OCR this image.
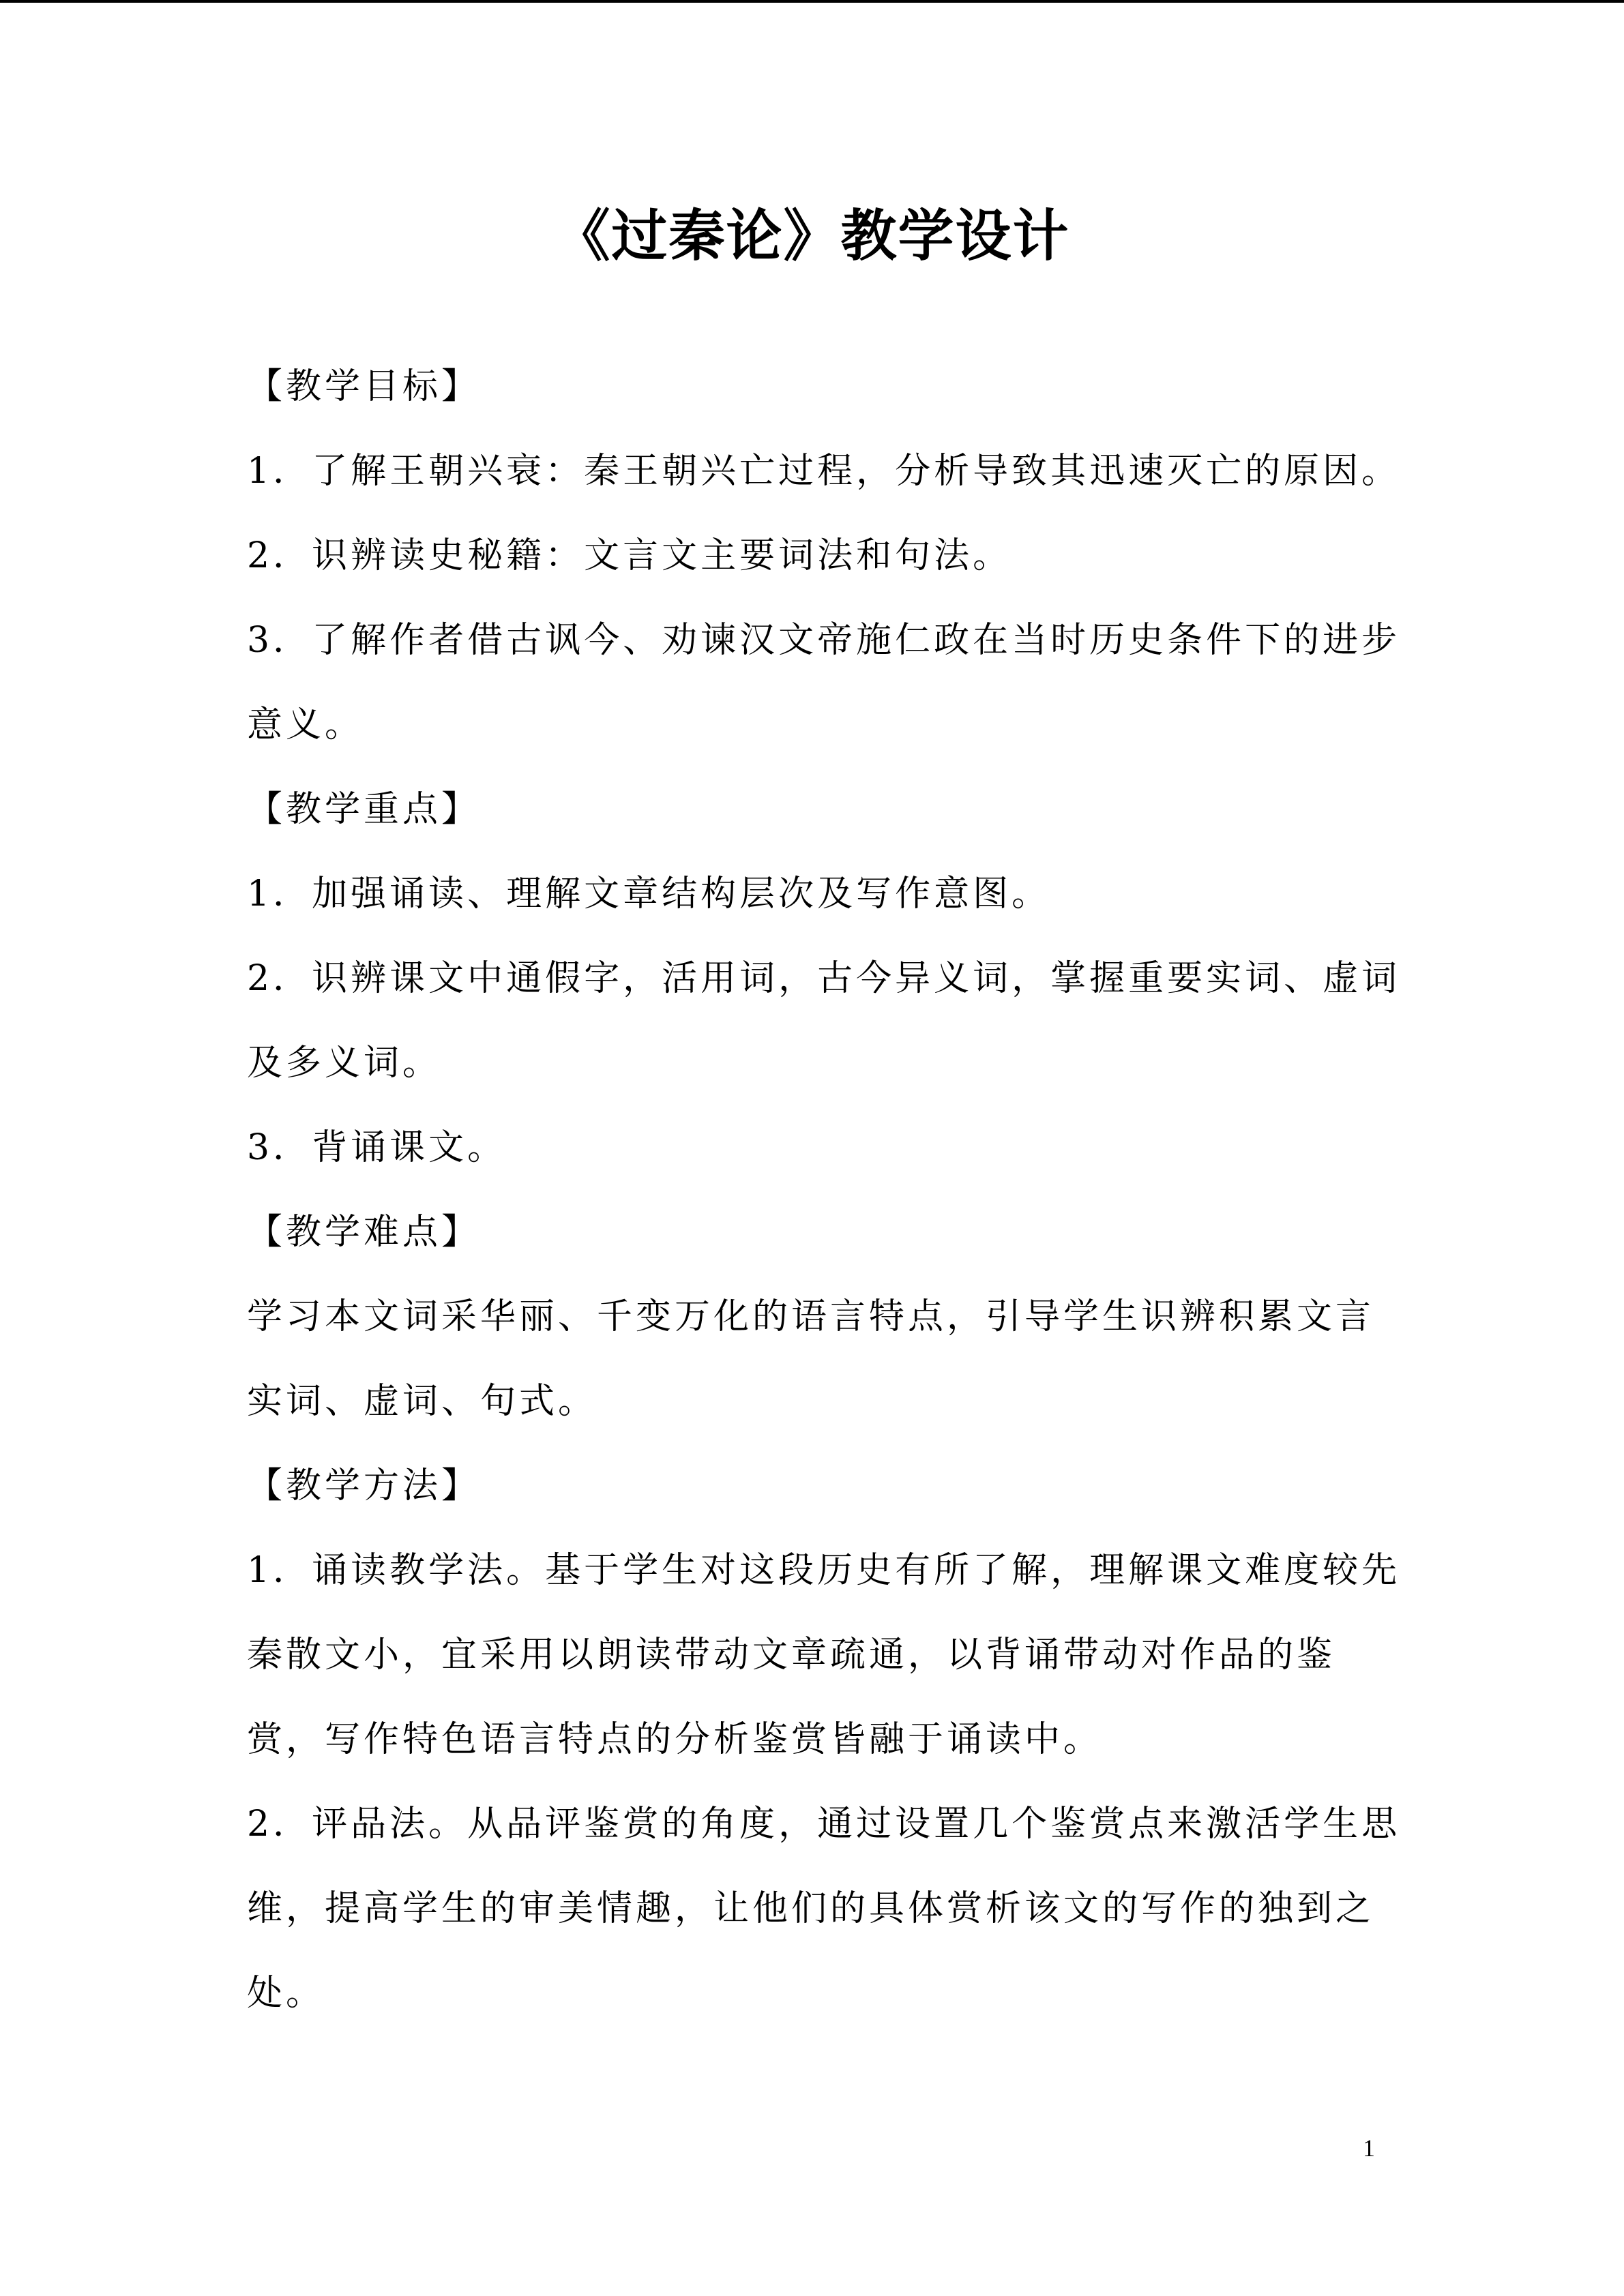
《过秦论》教学设计
【教学目标】
1．了解王朝兴衰：秦王朝兴亡过程，分析导致其迅速灭亡的原因。
2．识辨读史秘籍：文言文主要词法和句法。
3．了解作者借古讽今、劝谏汉文帝施仁政在当时历史条件下的进步
意义。
【教学重点】
1．加强诵读、理解文章结构层次及写作意图。
2．识辨课文中通假字，活用词，古今异义词，掌握重要实词、虚词
及多义词。
3．背诵课文。
【教学难点】
学习本文词采华丽、千变万化的语言特点，引导学生识辨积累文言
实词、虚词、句式。
【教学方法】
1．诵读教学法。基于学生对这段历史有所了解，理解课文难度较先
秦散文小，宜采用以朗读带动文章疏通，以背诵带动对作品的鉴
赏，写作特色语言特点的分析鉴赏皆融于诵读中。
2．评品法。从品评鉴赏的角度，通过设置几个鉴赏点来激活学生思
维，提高学生的审美情趣，让他们的具体赏析该文的写作的独到之
处。
1
